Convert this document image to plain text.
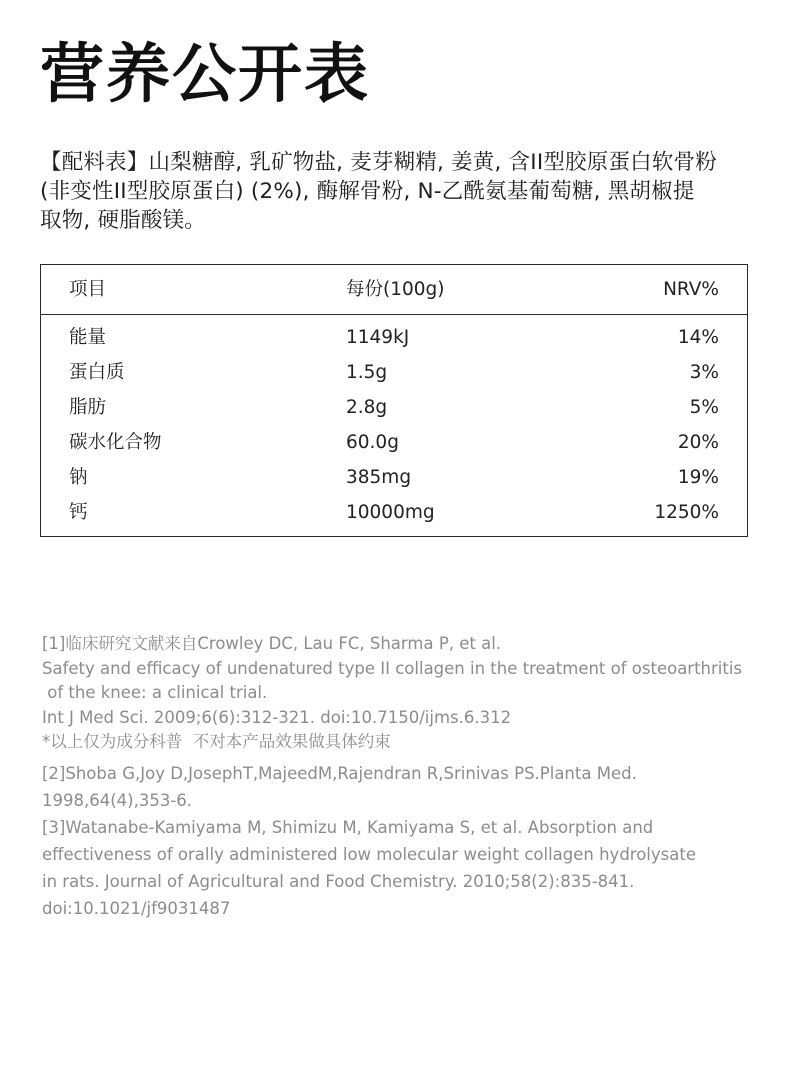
营养公开表
【配料表】山梨糖醇, 乳矿物盐, 麦芽糊精, 姜黄, 含II型胶原蛋白软骨粉
(非变性II型胶原蛋白) (2%), 酶解骨粉, N-乙酰氨基葡萄糖, 黑胡椒提
取物, 硬脂酸镁。
项目	每份(100g)	NRV%
能量	1149kJ	14%
蛋白质	1.5g	3%
脂肪	2.8g	5%
碳水化合物	60.0g	20%
钠	385mg	19%
钙	10000mg	1250%
[1]临床研究文献来自Crowley DC, Lau FC, Sharma P, et al.
Safety and efficacy of undenatured type II collagen in the treatment of osteoarthritis
of the knee: a clinical trial.
Int J Med Sci. 2009;6(6):312-321. doi:10.7150/ijms.6.312
*以上仅为成分科普  不对本产品效果做具体约束
[2]Shoba G,Joy D,JosephT,MajeedM,Rajendran R,Srinivas PS.Planta Med.
1998,64(4),353-6.
[3]Watanabe-Kamiyama M, Shimizu M, Kamiyama S, et al. Absorption and
effectiveness of orally administered low molecular weight collagen hydrolysate
in rats. Journal of Agricultural and Food Chemistry. 2010;58(2):835-841.
doi:10.1021/jf9031487
